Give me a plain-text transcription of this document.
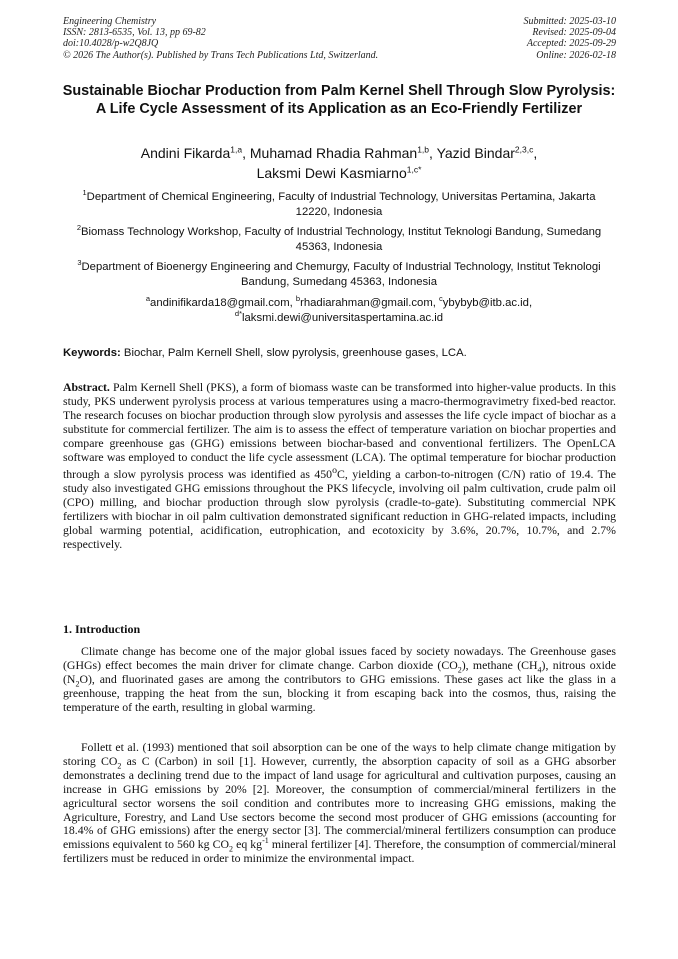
Engineering Chemistry
ISSN: 2813-6535, Vol. 13, pp 69-82
doi:10.4028/p-w2Q8JQ
© 2026 The Author(s). Published by Trans Tech Publications Ltd, Switzerland.
Submitted: 2025-03-10
Revised: 2025-09-04
Accepted: 2025-09-29
Online: 2026-02-18
Sustainable Biochar Production from Palm Kernel Shell Through Slow Pyrolysis: A Life Cycle Assessment of its Application as an Eco-Friendly Fertilizer
Andini Fikarda$^{1,a}$, Muhamad Rhadia Rahman$^{1,b}$, Yazid Bindar$^{2,3,c}$,
Laksmi Dewi Kasmiarno$^{1,c*}$
$^1$Department of Chemical Engineering, Faculty of Industrial Technology, Universitas Pertamina, Jakarta 12220, Indonesia
$^2$Biomass Technology Workshop, Faculty of Industrial Technology, Institut Teknologi Bandung, Sumedang 45363, Indonesia
$^3$Department of Bioenergy Engineering and Chemurgy, Faculty of Industrial Technology, Institut Teknologi Bandung, Sumedang 45363, Indonesia
$^a$andinifikarda18@gmail.com, $^b$rhadiarahman@gmail.com, $^c$ybybyb@itb.ac.id,
$^{d*}$laksmi.dewi@universitaspertamina.ac.id
Keywords: Biochar, Palm Kernell Shell, slow pyrolysis, greenhouse gases, LCA.
Abstract. Palm Kernell Shell (PKS), a form of biomass waste can be transformed into higher-value products. In this study, PKS underwent pyrolysis process at various temperatures using a macro-thermogravimetry fixed-bed reactor. The research focuses on biochar production through slow pyrolysis and assesses the life cycle impact of biochar as a substitute for commercial fertilizer. The aim is to assess the effect of temperature variation on biochar properties and compare greenhouse gas (GHG) emissions between biochar-based and conventional fertilizers. The OpenLCA software was employed to conduct the life cycle assessment (LCA). The optimal temperature for biochar production through a slow pyrolysis process was identified as 450$^o$C, yielding a carbon-to-nitrogen (C/N) ratio of 19.4. The study also investigated GHG emissions throughout the PKS lifecycle, involving oil palm cultivation, crude palm oil (CPO) milling, and biochar production through slow pyrolysis (cradle-to-gate). Substituting commercial NPK fertilizers with biochar in oil palm cultivation demonstrated significant reduction in GHG-related impacts, including global warming potential, acidification, eutrophication, and ecotoxicity by 3.6%, 20.7%, 10.7%, and 2.7% respectively.
1. Introduction

Climate change has become one of the major global issues faced by society nowadays. The Greenhouse gases (GHGs) effect becomes the main driver for climate change. Carbon dioxide $(CO_2)$, methane $(CH_4)$, nitrous oxide $(N_2O)$, and fluorinated gases are among the contributors to GHG emissions. These gases act like the glass in a greenhouse, trapping the heat from the sun, blocking it from escaping back into the cosmos, thus, raising the temperature of the earth, resulting in global warming.

Follett et al. (1993) mentioned that soil absorption can be one of the ways to help climate change mitigation by storing $CO_2$ as C (Carbon) in soil [1]. However, currently, the absorption capacity of soil as a GHG absorber demonstrates a declining trend due to the impact of land usage for agricultural and cultivation purposes, causing an increase in GHG emissions by 20% [2]. Moreover, the consumption of commercial/mineral fertilizers in the agricultural sector worsens the soil condition and contributes more to increasing GHG emissions, making the Agriculture, Forestry, and Land Use sectors become the second most producer of GHG emissions (accounting for 18.4% of GHG emissions) after the energy sector [3]. The commercial/mineral fertilizers consumption can produce emissions equivalent to 560 kg $CO_2$ eq $kg^{-1}$ mineral fertilizer [4]. Therefore, the consumption of commercial/mineral fertilizers must be reduced in order to minimize the environmental impact.
